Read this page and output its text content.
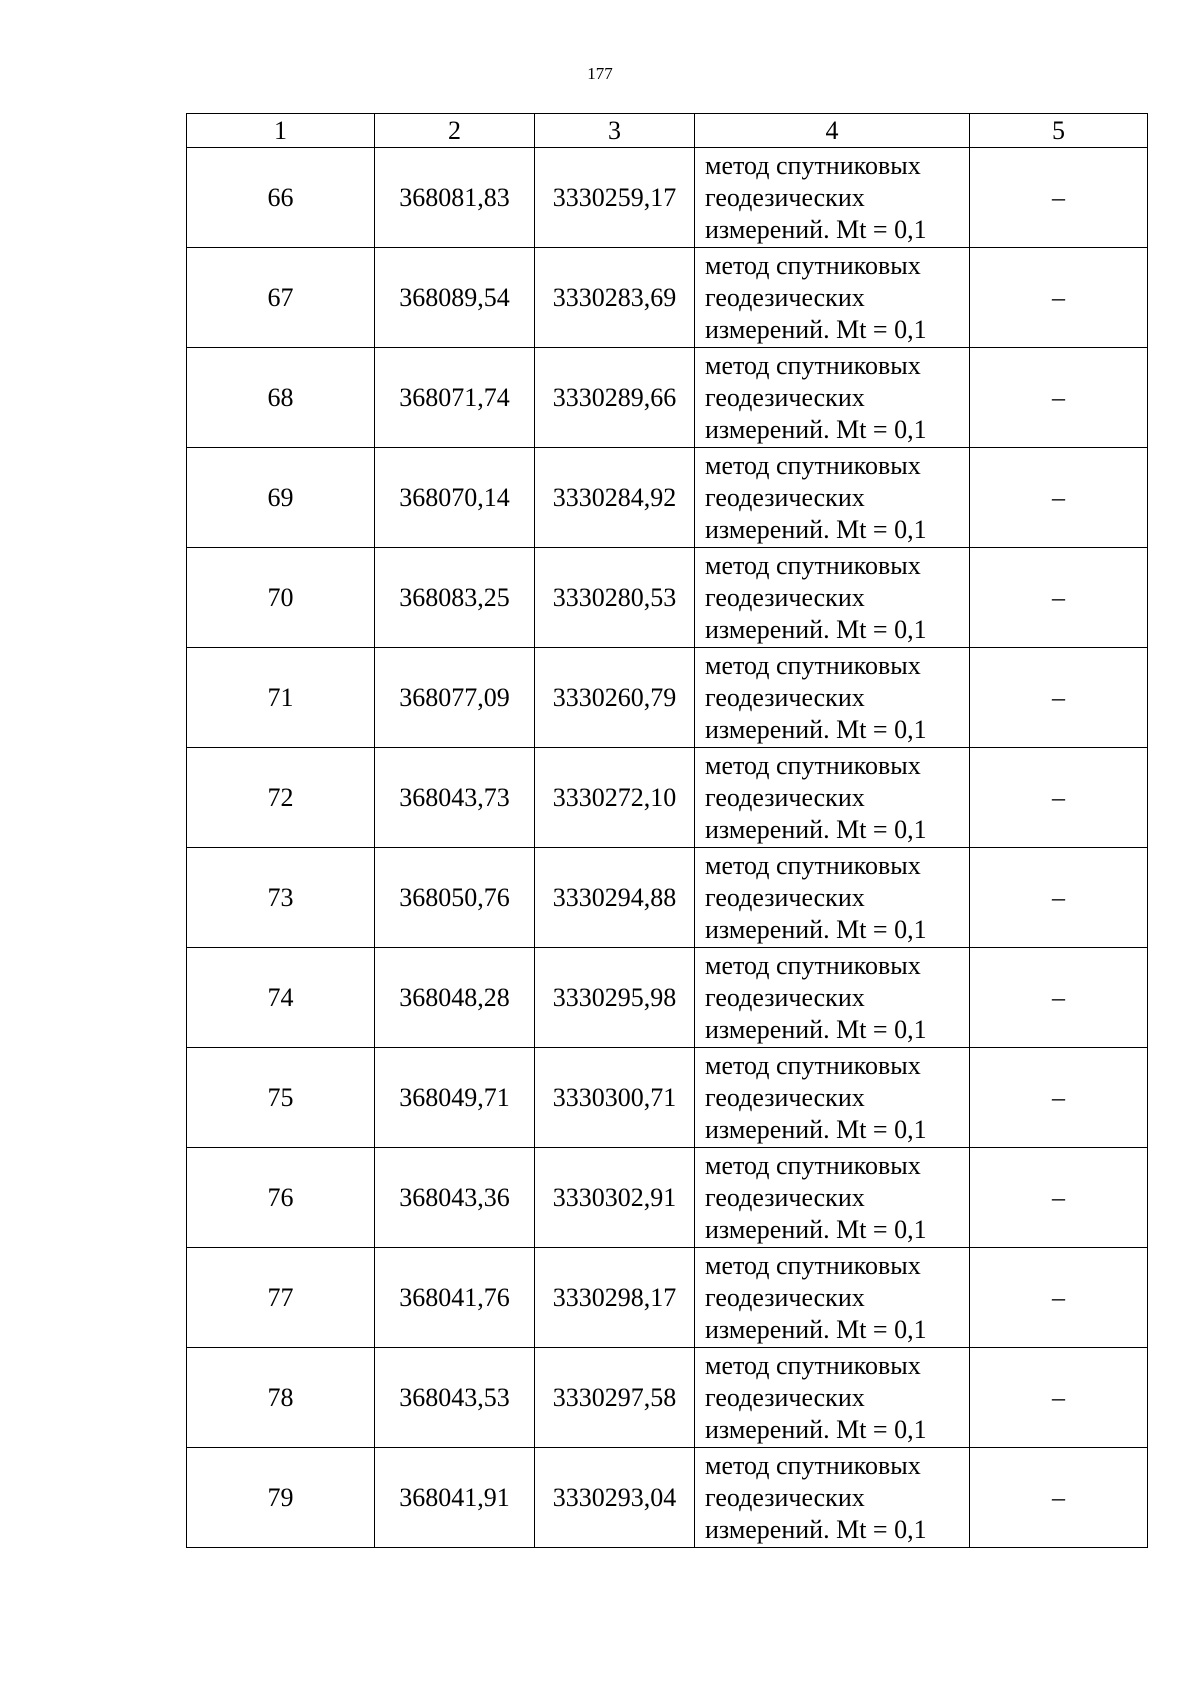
177
1	2	3	4	5
66	368081,83	3330259,17	метод спутниковых
геодезических
измерений. Mt = 0,1	–
67	368089,54	3330283,69	метод спутниковых
геодезических
измерений. Mt = 0,1	–
68	368071,74	3330289,66	метод спутниковых
геодезических
измерений. Mt = 0,1	–
69	368070,14	3330284,92	метод спутниковых
геодезических
измерений. Mt = 0,1	–
70	368083,25	3330280,53	метод спутниковых
геодезических
измерений. Mt = 0,1	–
71	368077,09	3330260,79	метод спутниковых
геодезических
измерений. Mt = 0,1	–
72	368043,73	3330272,10	метод спутниковых
геодезических
измерений. Mt = 0,1	–
73	368050,76	3330294,88	метод спутниковых
геодезических
измерений. Mt = 0,1	–
74	368048,28	3330295,98	метод спутниковых
геодезических
измерений. Mt = 0,1	–
75	368049,71	3330300,71	метод спутниковых
геодезических
измерений. Mt = 0,1	–
76	368043,36	3330302,91	метод спутниковых
геодезических
измерений. Mt = 0,1	–
77	368041,76	3330298,17	метод спутниковых
геодезических
измерений. Mt = 0,1	–
78	368043,53	3330297,58	метод спутниковых
геодезических
измерений. Mt = 0,1	–
79	368041,91	3330293,04	метод спутниковых
геодезических
измерений. Mt = 0,1	–
